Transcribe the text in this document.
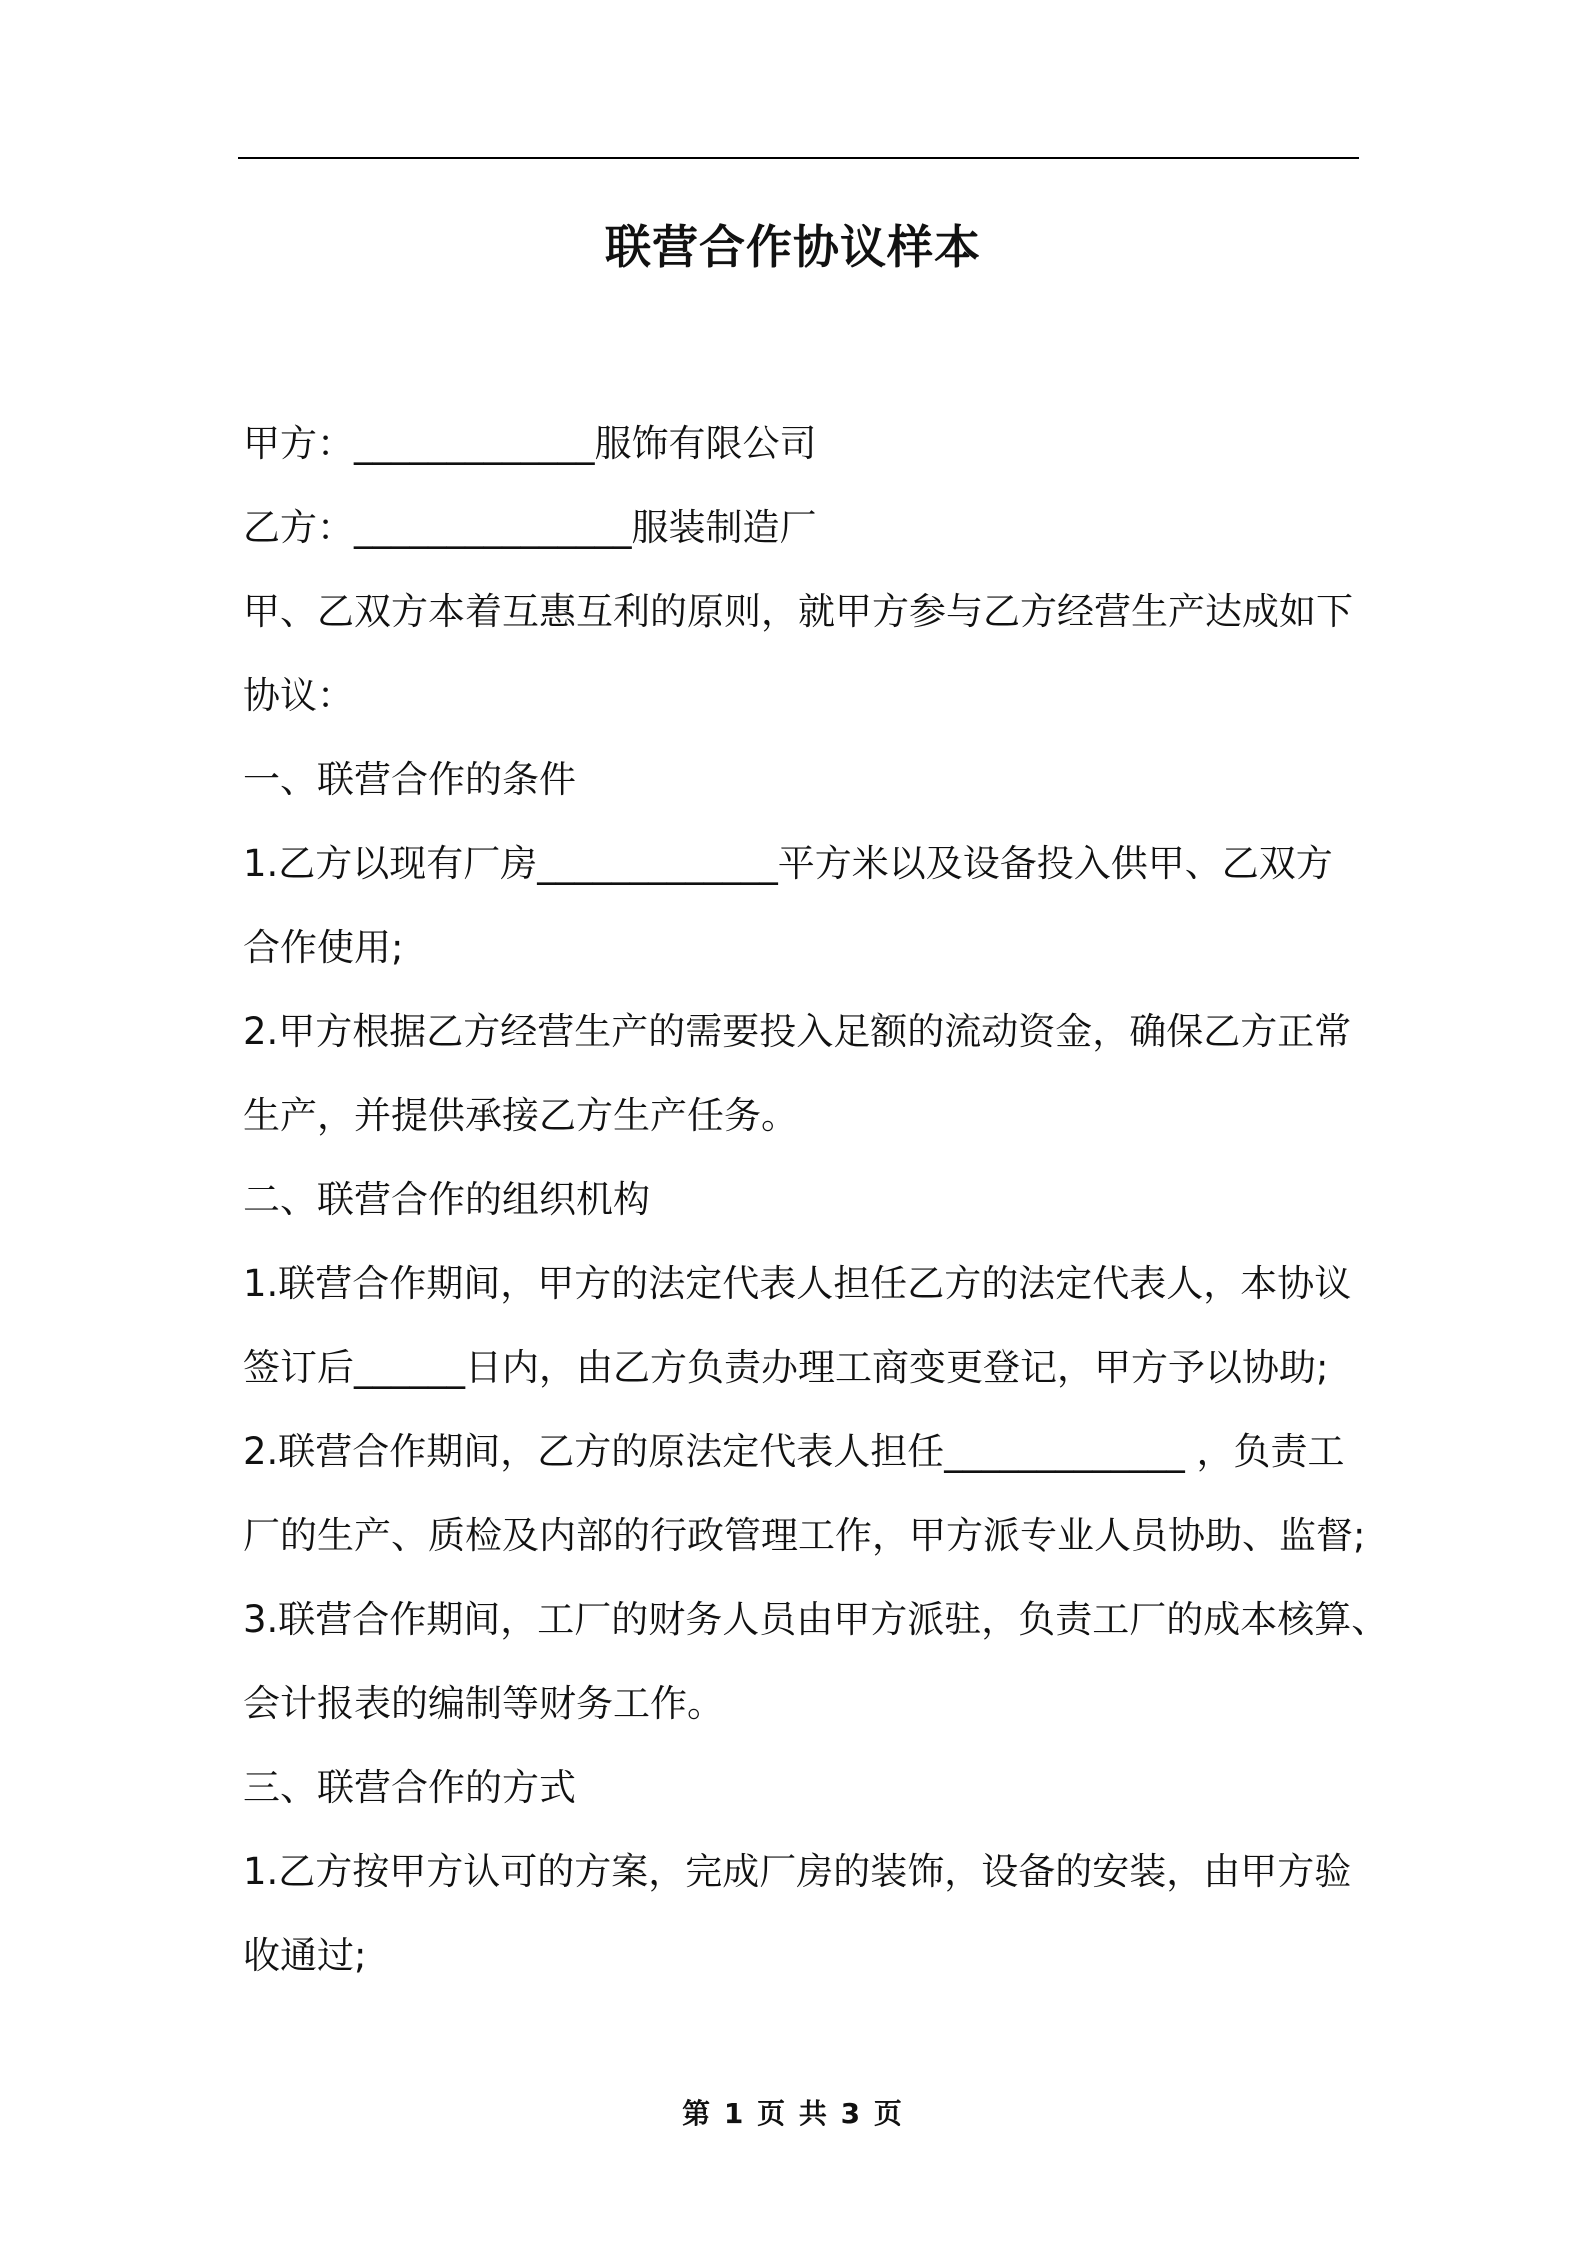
联营合作协议样本
甲方：_____________服饰有限公司
乙方：_______________服装制造厂
甲、乙双方本着互惠互利的原则，就甲方参与乙方经营生产达成如下
协议：
一、联营合作的条件
1.乙方以现有厂房_____________平方米以及设备投入供甲、乙双方
合作使用;
2.甲方根据乙方经营生产的需要投入足额的流动资金，确保乙方正常
生产，并提供承接乙方生产任务。
二、联营合作的组织机构
1.联营合作期间，甲方的法定代表人担任乙方的法定代表人，本协议
签订后______日内，由乙方负责办理工商变更登记，甲方予以协助;
2.联营合作期间，乙方的原法定代表人担任_____________ ，负责工
厂的生产、质检及内部的行政管理工作，甲方派专业人员协助、监督;
3.联营合作期间，工厂的财务人员由甲方派驻，负责工厂的成本核算、
会计报表的编制等财务工作。
三、联营合作的方式
1.乙方按甲方认可的方案，完成厂房的装饰，设备的安装，由甲方验
收通过;
第 1 页 共 3 页
